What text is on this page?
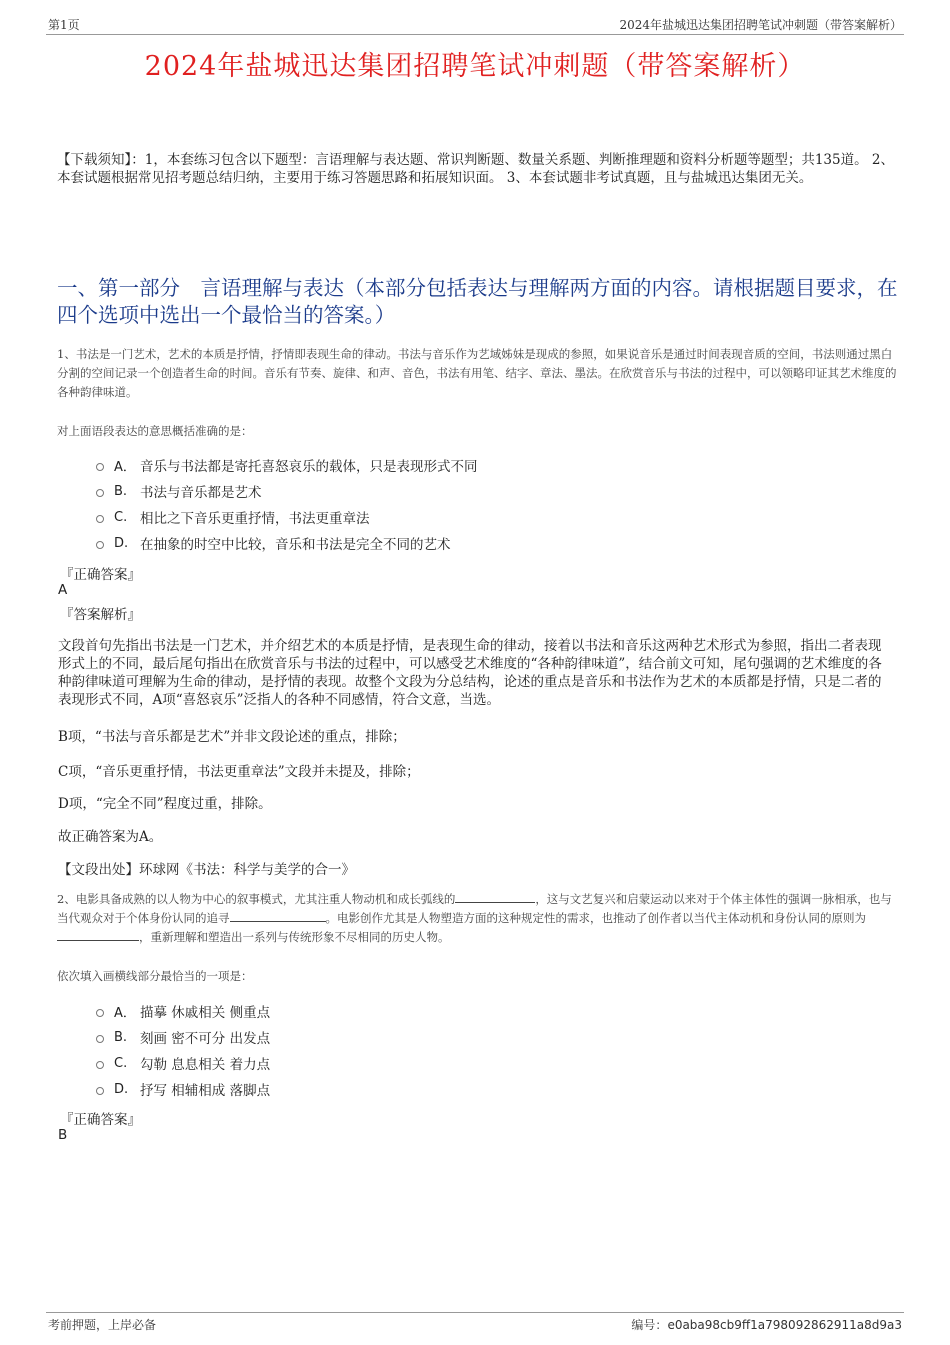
第1页	2024年盐城迅达集团招聘笔试冲刺题（带答案解析）
2024年盐城迅达集团招聘笔试冲刺题（带答案解析）
【下载须知】：1，本套练习包含以下题型：言语理解与表达题、常识判断题、数量关系题、判断推理题和资料分析题等题型；共135道。 2、本套试题根据常见招考题总结归纳，主要用于练习答题思路和拓展知识面。 3、本套试题非考试真题，且与盐城迅达集团无关。
一、第一部分　言语理解与表达（本部分包括表达与理解两方面的内容。请根据题目要求，在四个选项中选出一个最恰当的答案。）
1、书法是一门艺术，艺术的本质是抒情，抒情即表现生命的律动。书法与音乐作为艺域姊妹是现成的参照，如果说音乐是通过时间表现音质的空间，书法则通过黑白分割的空间记录一个创造者生命的时间。音乐有节奏、旋律、和声、音色，书法有用笔、结字、章法、墨法。在欣赏音乐与书法的过程中，可以领略印证其艺术维度的各种韵律味道。
对上面语段表达的意思概括准确的是：
A． 音乐与书法都是寄托喜怒哀乐的载体，只是表现形式不同
B. 书法与音乐都是艺术
C. 相比之下音乐更重抒情，书法更重章法
D. 在抽象的时空中比较，音乐和书法是完全不同的艺术
『正确答案』
A
『答案解析』
文段首句先指出书法是一门艺术，并介绍艺术的本质是抒情，是表现生命的律动，接着以书法和音乐这两种艺术形式为参照，指出二者表现形式上的不同，最后尾句指出在欣赏音乐与书法的过程中，可以感受艺术维度的“各种韵律味道”，结合前文可知，尾句强调的艺术维度的各种韵律味道可理解为生命的律动，是抒情的表现。故整个文段为分总结构，论述的重点是音乐和书法作为艺术的本质都是抒情，只是二者的表现形式不同，A项“喜怒哀乐”泛指人的各种不同感情，符合文意，当选。
B项，“书法与音乐都是艺术”并非文段论述的重点，排除；
C项，“音乐更重抒情，书法更重章法”文段并未提及，排除；
D项，“完全不同”程度过重，排除。
故正确答案为A。
【文段出处】环球网《书法：科学与美学的合一》
2、电影具备成熟的以人物为中心的叙事模式，尤其注重人物动机和成长弧线的	，这与文艺复兴和启蒙运动以来对于个体主体性的强调一脉相承，也与当代观众对于个体身份认同的追寻	。电影创作尤其是人物塑造方面的这种规定性的需求，也推动了创作者以当代主体动机和身份认同的原则为，重新理解和塑造出一系列与传统形象不尽相同的历史人物。
依次填入画横线部分最恰当的一项是：
A． 描摹 休戚相关 侧重点
B. 刻画 密不可分 出发点
C. 勾勒 息息相关 着力点
D. 抒写 相辅相成 落脚点
『正确答案』
B
考前押题，上岸必备	编号：e0aba98cb9ff1a798092862911a8d9a3
